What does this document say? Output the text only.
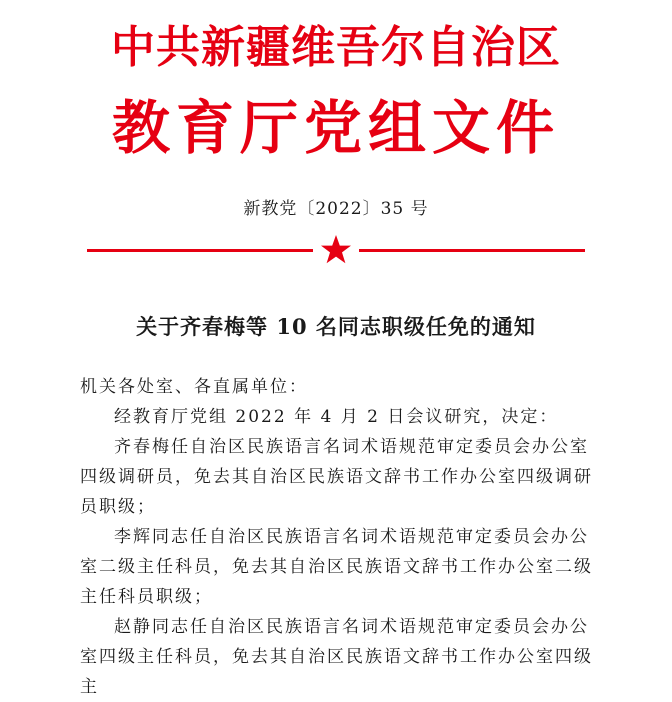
中共新疆维吾尔自治区
教育厅党组文件
新教党〔2022〕35 号
关于齐春梅等 10 名同志职级任免的通知
机关各处室、各直属单位：
经教育厅党组 2022 年 4 月 2 日会议研究，决定：
齐春梅任自治区民族语言名词术语规范审定委员会办公室四级调研员，免去其自治区民族语文辞书工作办公室四级调研员职级；
李辉同志任自治区民族语言名词术语规范审定委员会办公室二级主任科员，免去其自治区民族语文辞书工作办公室二级主任科员职级；
赵静同志任自治区民族语言名词术语规范审定委员会办公室四级主任科员，免去其自治区民族语文辞书工作办公室四级主
